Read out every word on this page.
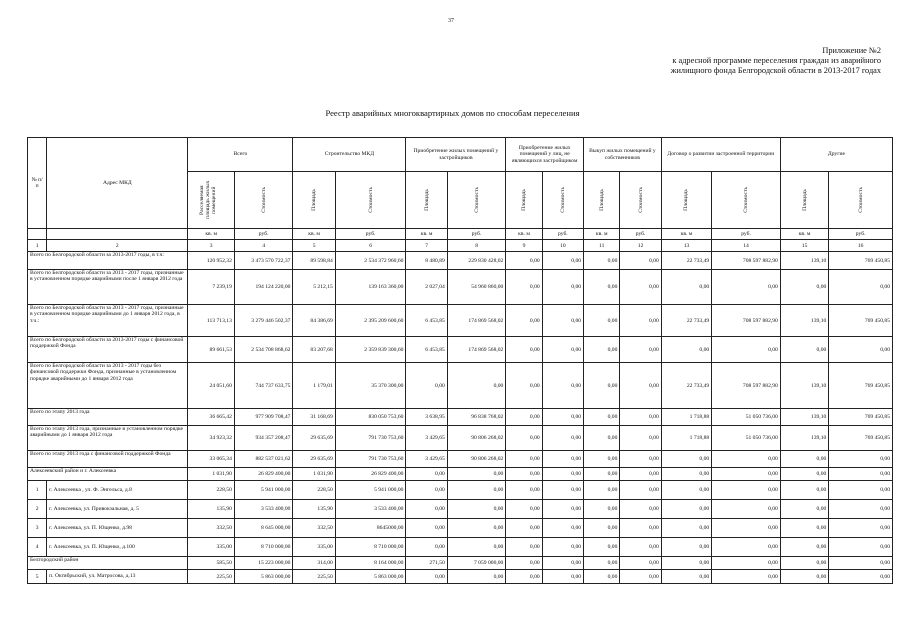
37
Приложение №2
к адресной программе переселения граждан из аварийного
жилищного фонда Белгородской области в 2013-2017 годах
Реестр аварийных многоквартирных домов по способам переселения
№ п/п	Адрес МКД	Всего		Строительство МКД		Приобретение жилых помещений у застройщиков		Приобретение жилых помещений у лиц, не являющихся застройщиком		Выкуп жилых помещений у собственников		Договор о развитии застроенной территории		Другие	

		Расселяемая площадь жилых помещений	Стоимость	Площадь	Стоимость	Площадь	Стоимость	Площадь	Стоимость	Площадь	Стоимость	Площадь	Стоимость	Площадь	Стоимость

		кв. м	руб.	кв. м	руб.	кв. м	руб.	кв. м	руб.	кв. м	руб.	кв. м	руб.	кв. м	руб.
1	2	3	4	5	6	7	8	9	10	11	12	13	14	15	16
Всего по Белгородской области за 2013-2017 годы, в т.ч:		120 952,32	3 473 570 722,37	89 598,84	2 534 372 960,60	8 480,89	229 830 428,02	0,00	0,00	0,00	0,00	22 733,49	708 597 882,90	139,10	769 450,85
Всего по Белгородской области за 2013 - 2017 годы, признанные в установленном порядке аварийными после 1 января 2012 года		7 239,19	194 124 220,00	5 212,15	139 163 360,00	2 027,04	54 960 860,00	0,00	0,00	0,00	0,00	0,00	0,00	0,00	0,00
Всего по Белгородской области за 2013 - 2017 годы, признанные в установленном порядке аварийными до 1 января 2012 года, в т.ч.:		113 713,13	3 279 446 502,37	84 386,69	2 395 209 600,60	6 453,85	174 869 568,02	0,00	0,00	0,00	0,00	22 733,49	708 597 882,90	139,10	769 450,85
Всего по Белгородской области за 2013-2017 годы с финансовой поддержкой Фонда		89 661,53	2 534 708 868,62	83 207,68	2 359 839 300,60	6 453,85	174 869 568,02	0,00	0,00	0,00	0,00	0,00	0,00	0,00	0,00
Всего по Белгородской области за 2013 - 2017 годы без финансовой поддержки Фонда, признанные в установленном порядке аварийными до 1 января 2012 года		24 051,60	744 737 633,75	1 179,01	35 370 300,00	0,00	0,00	0,00	0,00	0,00	0,00	22 733,49	708 597 882,90	139,10	769 450,85
Всего по этапу 2013 года		36 665,42	977 909 708,47	31 168,69	830 050 753,60	3 638,95	96 838 768,02	0,00	0,00	0,00	0,00	1 718,88	51 050 736,00	139,10	769 450,85
Всего по этапу 2013 года, признанные в установленном порядке аварийными до 1 января 2012 года		34 923,32	934 357 208,47	29 635,69	791 730 753,60	3 429,65	90 806 268,02	0,00	0,00	0,00	0,00	1 718,88	51 050 736,00	139,10	769 450,85
Всего по этапу 2013 года с финансовой поддержкой Фонда		33 065,34	882 537 021,62	29 635,69	791 730 753,60	3 429,65	90 806 268,02	0,00	0,00	0,00	0,00	0,00	0,00	0,00	0,00
Алексеевский район и г. Алексеевка		1 031,90	26 829 400,00	1 031,90	26 829 400,00	0,00	0,00	0,00	0,00	0,00	0,00	0,00	0,00	0,00	0,00
1	г. Алексеевка , ул. Ф. Энгельса, д.8	228,50	5 941 000,00	228,50	5 941 000,00	0,00	0,00	0,00	0,00	0,00	0,00	0,00	0,00	0,00	0,00
2	г. Алексеевка, ул. Привокзальная, д. 5	135,90	3 533 400,00	135,90	3 533 400,00	0,00	0,00	0,00	0,00	0,00	0,00	0,00	0,00	0,00	0,00
3	г. Алексеевка, ул. П. Ющенко, д.98	332,50	8 645 000,00	332,50	8645000,00	0,00	0,00	0,00	0,00	0,00	0,00	0,00	0,00	0,00	0,00
4	г. Алексеевка, ул. П. Ющенко, д.100	335,00	8 710 000,00	335,00	8 710 000,00	0,00	0,00	0,00	0,00	0,00	0,00	0,00	0,00	0,00	0,00
Белгородский район		585,50	15 223 000,00	314,00	8 164 000,00	271,50	7 059 000,00	0,00	0,00	0,00	0,00	0,00	0,00	0,00	0,00
5	п. Октябрьский, ул. Матросова, д.13	225,50	5 863 000,00	225,50	5 863 000,00	0,00	0,00	0,00	0,00	0,00	0,00	0,00	0,00	0,00	0,00
